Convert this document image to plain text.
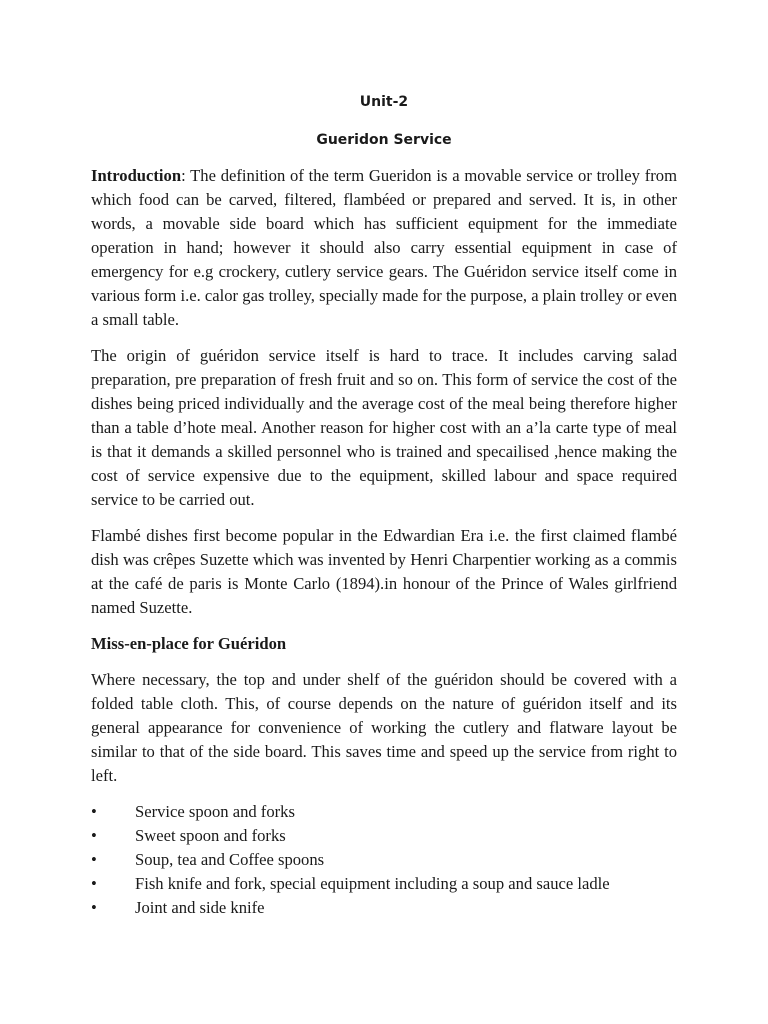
Unit-2
Gueridon Service

Introduction: The definition of the term Gueridon is a movable service or trolley from which food can be carved, filtered, flambéed or prepared and served. It is, in other words, a movable side board which has sufficient equipment for the immediate operation in hand; however it should also carry essential equipment in case of emergency for e.g crockery, cutlery service gears. The Guéridon service itself come in various form i.e. calor gas trolley, specially made for the purpose, a plain trolley or even a small table.

The origin of guéridon service itself is hard to trace. It includes carving salad preparation, pre preparation of fresh fruit and so on. This form of service the cost of the dishes being priced individually and the average cost of the meal being therefore higher than a table d’hote meal. Another reason for higher cost with an a’la carte type of meal is that it demands a skilled personnel who is trained and specailised ,hence making the cost of service expensive due to the equipment, skilled labour and space required service to be carried out.

Flambé dishes first become popular in the Edwardian Era i.e. the first claimed flambé dish was crêpes Suzette which was invented by Henri Charpentier working as a commis at the café de paris is Monte Carlo (1894).in honour of the Prince of Wales girlfriend named Suzette.

Miss-en-place for Guéridon

Where necessary, the top and under shelf of the guéridon should be covered with a folded table cloth. This, of course depends on the nature of guéridon itself and its general appearance for convenience of working the cutlery and flatware layout be similar to that of the side board. This saves time and speed up the service from right to left.

•	Service spoon and forks
•	Sweet spoon and forks
•	Soup, tea and Coffee spoons
•	Fish knife and fork, special equipment including a soup and sauce ladle
•	Joint and side knife
